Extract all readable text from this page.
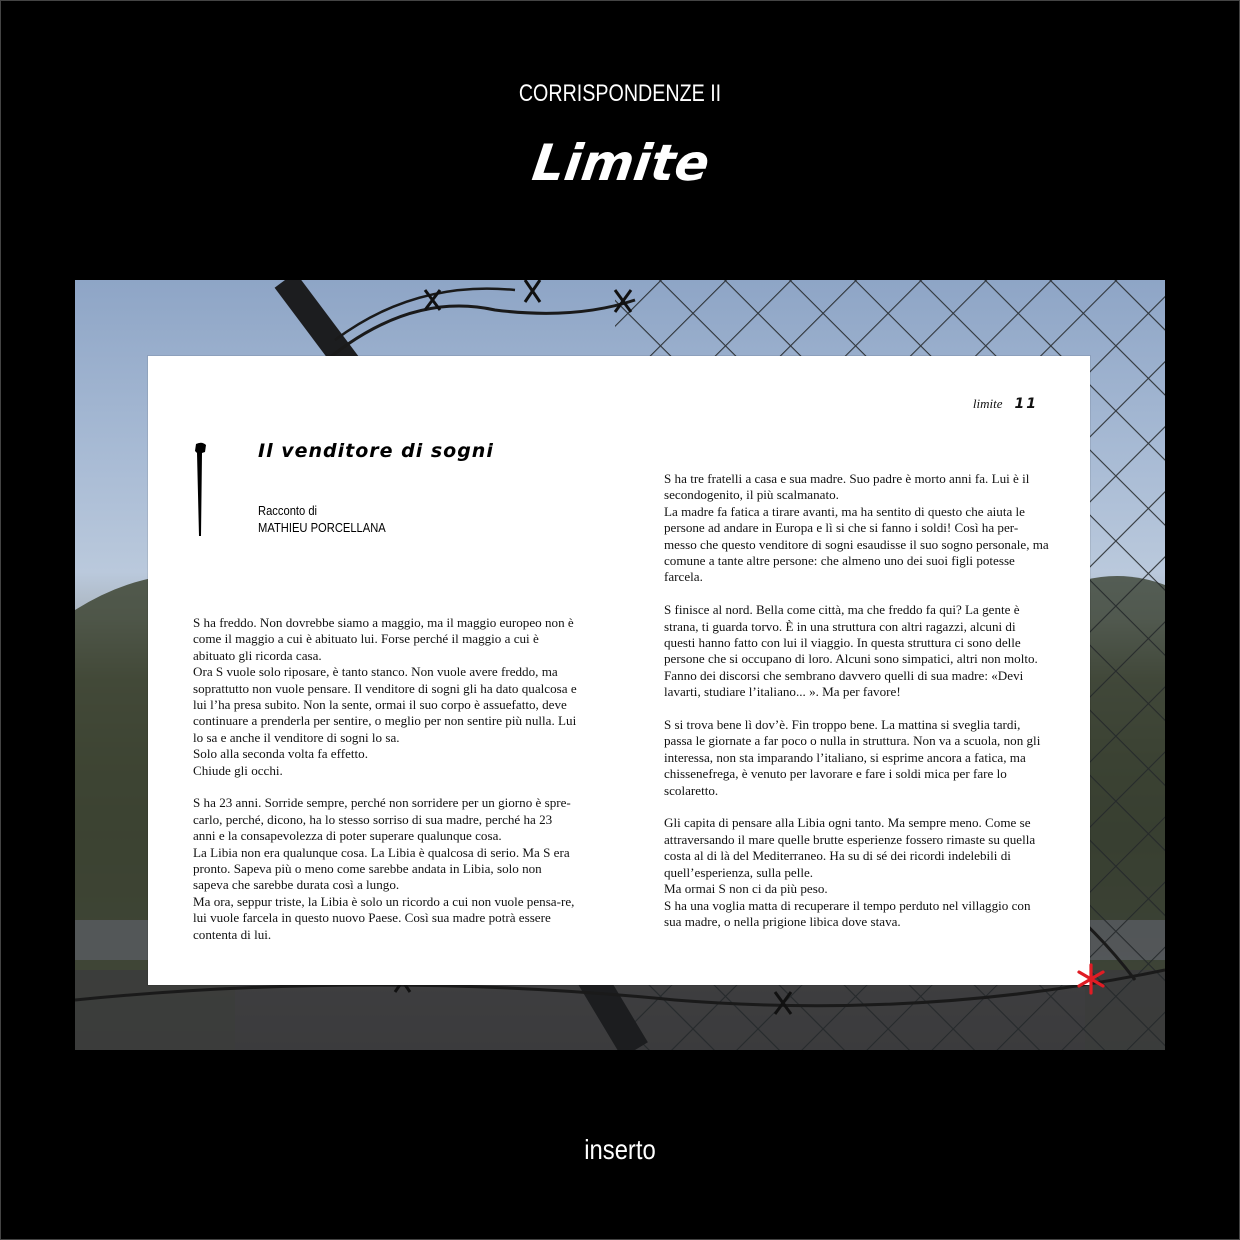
CORRISPONDENZE II
Limite
limite 11
Il venditore di sogni
Racconto di
MATHIEU PORCELLANA

S ha freddo. Non dovrebbe siamo a maggio, ma il maggio europeo non è come il maggio a cui è abituato lui. Forse perché il maggio a cui è abituato gli ricorda casa.
Ora S vuole solo riposare, è tanto stanco. Non vuole avere freddo, ma soprattutto non vuole pensare. Il venditore di sogni gli ha dato qualcosa e lui l’ha presa subito. Non la sente, ormai il suo corpo è assuefatto, deve continuare a prenderla per sentire, o meglio per non sentire più nulla. Lui lo sa e anche il venditore di sogni lo sa.
Solo alla seconda volta fa effetto.
Chiude gli occhi.

S ha 23 anni. Sorride sempre, perché non sorridere per un giorno è spre-carlo, perché, dicono, ha lo stesso sorriso di sua madre, perché ha 23 anni e la consapevolezza di poter superare qualunque cosa.
La Libia non era qualunque cosa. La Libia è qualcosa di serio. Ma S era pronto. Sapeva più o meno come sarebbe andata in Libia, solo non sapeva che sarebbe durata così a lungo.
Ma ora, seppur triste, la Libia è solo un ricordo a cui non vuole pensa-re, lui vuole farcela in questo nuovo Paese. Così sua madre potrà essere contenta di lui.

S ha tre fratelli a casa e sua madre. Suo padre è morto anni fa. Lui è il secondogenito, il più scalmanato.
La madre fa fatica a tirare avanti, ma ha sentito di questo che aiuta le persone ad andare in Europa e lì si che si fanno i soldi! Così ha per-messo che questo venditore di sogni esaudisse il suo sogno personale, ma comune a tante altre persone: che almeno uno dei suoi figli potesse farcela.

S finisce al nord. Bella come città, ma che freddo fa qui? La gente è strana, ti guarda torvo. È in una struttura con altri ragazzi, alcuni di questi hanno fatto con lui il viaggio. In questa struttura ci sono delle persone che si occupano di loro. Alcuni sono simpatici, altri non molto. Fanno dei discorsi che sembrano davvero quelli di sua madre: «Devi lavarti, studiare l’italiano... ». Ma per favore!

S si trova bene lì dov’è. Fin troppo bene. La mattina si sveglia tardi, passa le giornate a far poco o nulla in struttura. Non va a scuola, non gli interessa, non sta imparando l’italiano, si esprime ancora a fatica, ma chissenefrega, è venuto per lavorare e fare i soldi mica per fare lo scolaretto.

Gli capita di pensare alla Libia ogni tanto. Ma sempre meno. Come se attraversando il mare quelle brutte esperienze fossero rimaste su quella costa al di là del Mediterraneo. Ha su di sé dei ricordi indelebili di quell’esperienza, sulla pelle.
Ma ormai S non ci da più peso.
S ha una voglia matta di recuperare il tempo perduto nel villaggio con sua madre, o nella prigione libica dove stava.

inserto
